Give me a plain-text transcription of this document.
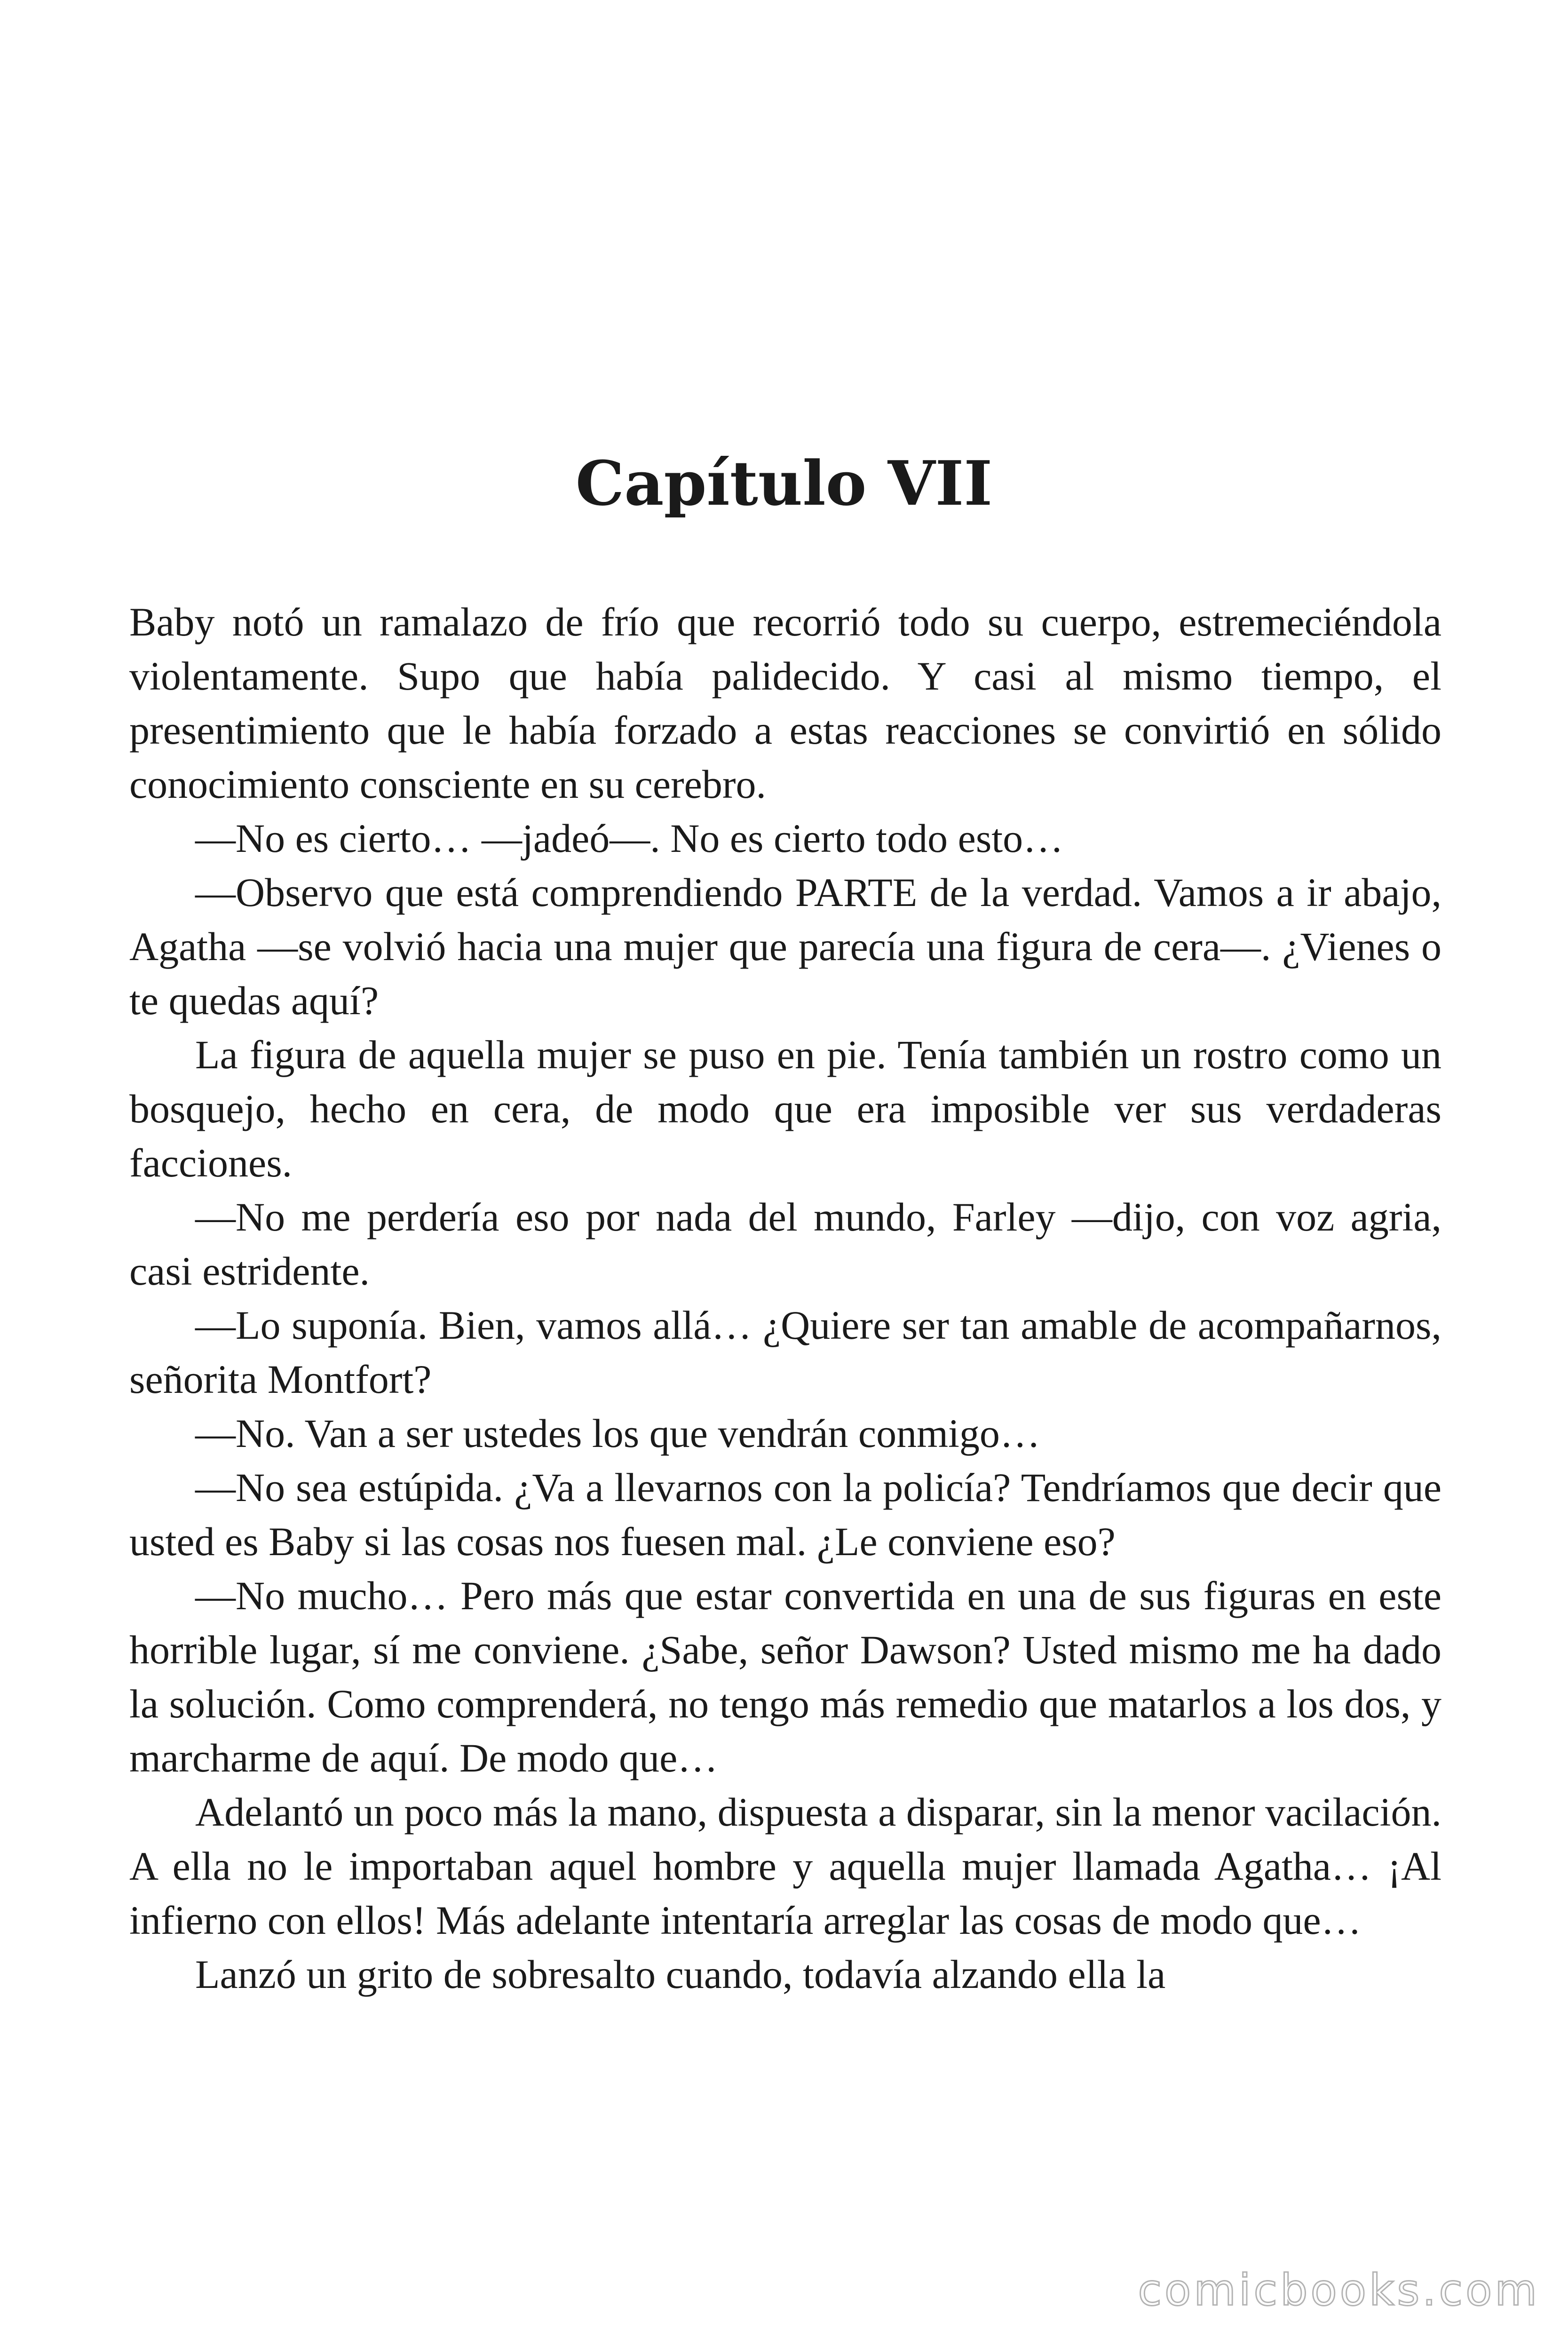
Capítulo VII

Baby notó un ramalazo de frío que recorrió todo su cuerpo, estremeciéndola violentamente. Supo que había palidecido. Y casi al mismo tiempo, el presentimiento que le había forzado a estas reacciones se convirtió en sólido conocimiento consciente en su cerebro.

—No es cierto… —jadeó—. No es cierto todo esto…

—Observo que está comprendiendo PARTE de la verdad. Vamos a ir abajo, Agatha —se volvió hacia una mujer que parecía una figura de cera—. ¿Vienes o te quedas aquí?

La figura de aquella mujer se puso en pie. Tenía también un rostro como un bosquejo, hecho en cera, de modo que era imposible ver sus verdaderas facciones.

—No me perdería eso por nada del mundo, Farley —dijo, con voz agria, casi estridente.

—Lo suponía. Bien, vamos allá… ¿Quiere ser tan amable de acompañarnos, señorita Montfort?

—No. Van a ser ustedes los que vendrán conmigo…

—No sea estúpida. ¿Va a llevarnos con la policía? Tendríamos que decir que usted es Baby si las cosas nos fuesen mal. ¿Le conviene eso?

—No mucho… Pero más que estar convertida en una de sus figuras en este horrible lugar, sí me conviene. ¿Sabe, señor Dawson? Usted mismo me ha dado la solución. Como comprenderá, no tengo más remedio que matarlos a los dos, y marcharme de aquí. De modo que…

Adelantó un poco más la mano, dispuesta a disparar, sin la menor vacilación. A ella no le importaban aquel hombre y aquella mujer llamada Agatha… ¡Al infierno con ellos! Más adelante intentaría arreglar las cosas de modo que…

Lanzó un grito de sobresalto cuando, todavía alzando ella la

comicbooks.com
